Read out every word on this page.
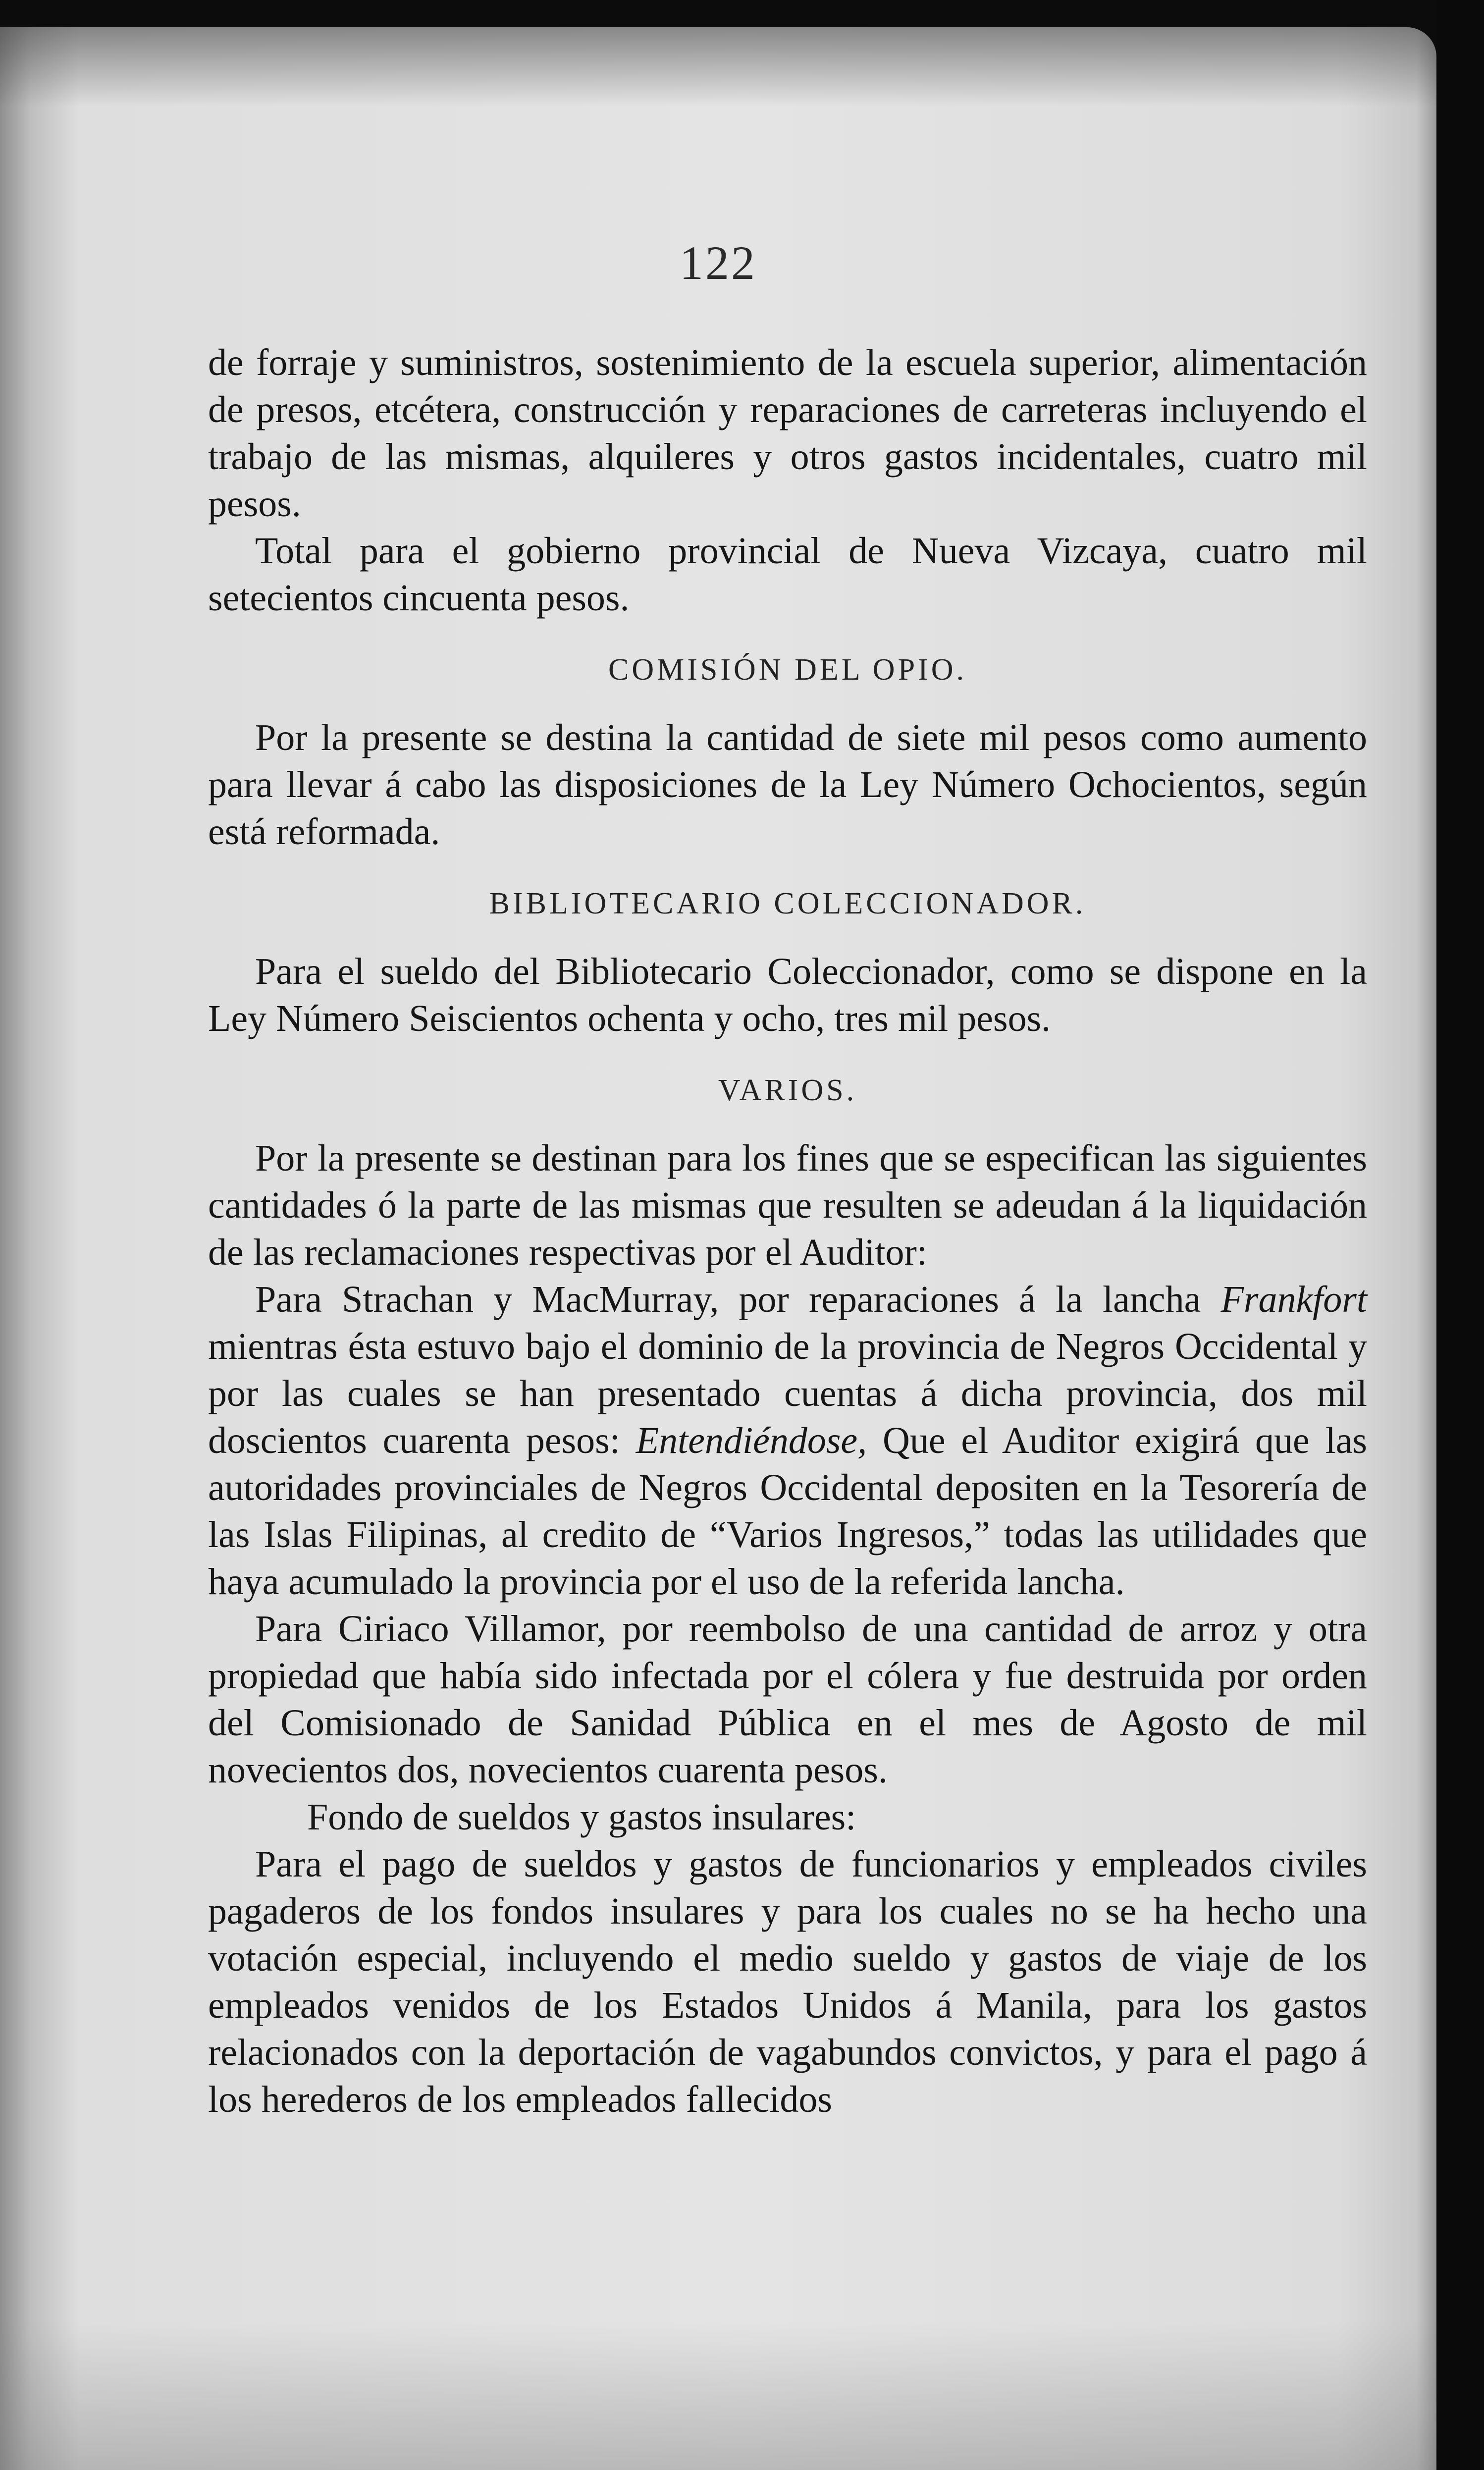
122

de forraje y suministros, sostenimiento de la escuela superior, alimentación de presos, etcétera, construcción y reparaciones de carreteras incluyendo el trabajo de las mismas, alquileres y otros gastos incidentales, cuatro mil pesos.

Total para el gobierno provincial de Nueva Vizcaya, cuatro mil setecientos cincuenta pesos.

COMISIÓN DEL OPIO.

Por la presente se destina la cantidad de siete mil pesos como aumento para llevar á cabo las disposiciones de la Ley Número Ochocientos, según está reformada.

BIBLIOTECARIO COLECCIONADOR.

Para el sueldo del Bibliotecario Coleccionador, como se dispone en la Ley Número Seiscientos ochenta y ocho, tres mil pesos.

VARIOS.

Por la presente se destinan para los fines que se especifican las siguientes cantidades ó la parte de las mismas que resulten se adeudan á la liquidación de las reclamaciones respectivas por el Auditor:

Para Strachan y MacMurray, por reparaciones á la lancha Frankfort mientras ésta estuvo bajo el dominio de la provincia de Negros Occidental y por las cuales se han presentado cuentas á dicha provincia, dos mil doscientos cuarenta pesos: Entendiéndose, Que el Auditor exigirá que las autoridades provinciales de Negros Occidental depositen en la Tesorería de las Islas Filipinas, al credito de “Varios Ingresos,” todas las utilidades que haya acumulado la provincia por el uso de la referida lancha.

Para Ciriaco Villamor, por reembolso de una cantidad de arroz y otra propiedad que había sido infectada por el cólera y fue destruida por orden del Comisionado de Sanidad Pública en el mes de Agosto de mil novecientos dos, novecientos cuarenta pesos.

Fondo de sueldos y gastos insulares:

Para el pago de sueldos y gastos de funcionarios y empleados civiles pagaderos de los fondos insulares y para los cuales no se ha hecho una votación especial, incluyendo el medio sueldo y gastos de viaje de los empleados venidos de los Estados Unidos á Manila, para los gastos relacionados con la deportación de vagabundos convictos, y para el pago á los herederos de los empleados fallecidos
